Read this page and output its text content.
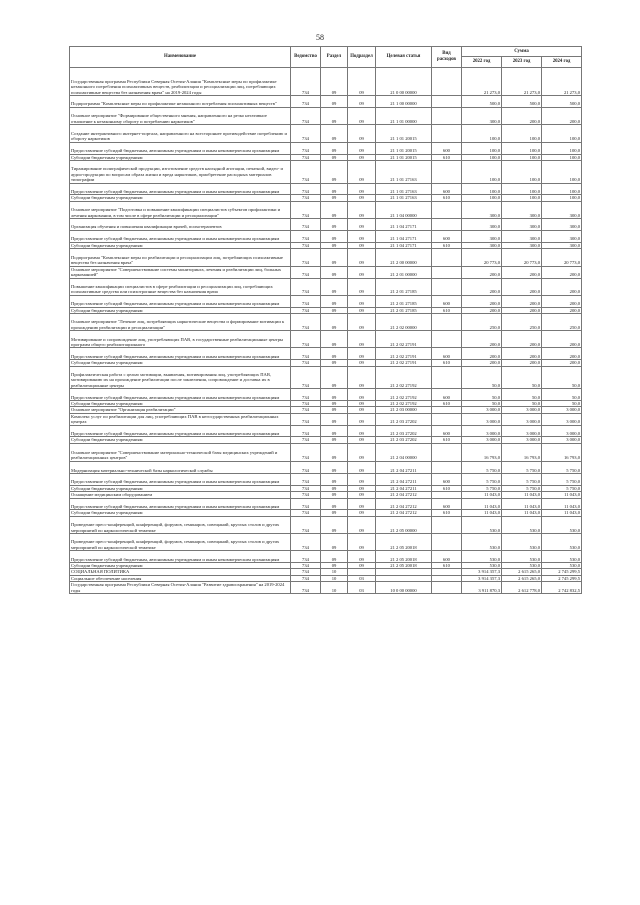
58
Наименование	Ведомство	Раздел	Подраздел	Целевая статья	Вид расходов	Сумма		
						2022 год	2023 год	2024 год
Государственная программа Республики Северная Осетия-Алания "Комплексные меры по профилактике незаконного потребления психоактивных веществ, реабилитации и ресоциализации лиц, потребляющих психоактивные вещества без назначения врача" на 2019-2024 годы	734	09	09	21 0 00 00000		21 273,0	21 273,0	21 273,0
Подпрограмма "Комплексные меры по профилактике незаконного потребления психоактивных веществ"	734	09	09	21 1 00 00000		500,0	500,0	500,0
Основное мероприятие "Формирование общественного мнения, направленного на резко негативное отношение к незаконному обороту и потреблению наркотиков"	734	09	09	21 1 01 00000		300,0	200,0	200,0
Создание интерактивного интернет-портала, направленного на всестороннее противодействие потреблению и обороту наркотиков	734	09	09	21 1 01 20015		100,0	100,0	100,0
Предоставление субсидий бюджетным, автономным учреждениям и иным некоммерческим организациям	734	09	09	21 1 01 20015	600	100,0	100,0	100,0
Субсидии бюджетным учреждениям	734	09	09	21 1 01 20015	610	100,0	100,0	100,0
Тиражирование полиграфической продукции, изготовление средств наглядной агитации, печатной, видео- и аудио-продукции по вопросам образа жизни и вреда наркотиков, приобретение расходных материалов типографии	734	09	09	21 1 01 27163		100,0	100,0	100,0
Предоставление субсидий бюджетным, автономным учреждениям и иным некоммерческим организациям	734	09	09	21 1 01 27163	600	100,0	100,0	100,0
Субсидии бюджетным учреждениям	734	09	09	21 1 01 27163	610	100,0	100,0	100,0
Основное мероприятие "Подготовка и повышение квалификации специалистов субъектов профилактики и лечения наркомании, в том числе в сфере реабилитации и ресоциализации"	734	09	09	21 1 04 00000		300,0	300,0	300,0
Организация обучения и повышения квалификации врачей, психотерапевтов	734	09	09	21 1 04 27171		300,0	300,0	300,0
Предоставление субсидий бюджетным, автономным учреждениям и иным некоммерческим организациям	734	09	09	21 1 04 27171	600	300,0	300,0	300,0
Субсидии бюджетным учреждениям	734	09	09	21 1 04 27171	610	300,0	300,0	300,0
Подпрограмма "Комплексные меры по реабилитации и ресоциализации лиц, потребляющих психоактивные вещества без назначения врача"	734	09	09	21 2 00 00000		20 773,0	20 773,0	20 773,0
Основное мероприятие "Совершенствование системы мониторинга, лечения и реабилитации лиц, больных наркоманией"	734	09	09	21 2 01 00000		200,0	200,0	200,0
Повышение квалификации специалистов в сфере реабилитации и ресоциализации лиц, потребляющих психоактивные средства или психотропные вещества без назначения врача	734	09	09	21 2 01 27185		200,0	200,0	200,0
Предоставление субсидий бюджетным, автономным учреждениям и иным некоммерческим организациям	734	09	09	21 2 01 27185	600	200,0	200,0	200,0
Субсидии бюджетным учреждениям	734	09	09	21 2 01 27185	610	200,0	200,0	200,0
Основное мероприятие "Лечение лиц, потребляющих наркотические вещества и формирование мотивации к прохождению реабилитации и ресоциализации"	734	09	09	21 2 02 00000		250,0	250,0	250,0
Мотивирование и сопровождение лиц, употребляющих ПАВ, в государственные реабилитационные центры программ общего реабилитационного	734	09	09	21 2 02 27191		200,0	200,0	200,0
Предоставление субсидий бюджетным, автономным учреждениям и иным некоммерческим организациям	734	09	09	21 2 02 27191	600	200,0	200,0	200,0
Субсидии бюджетным учреждениям	734	09	09	21 2 02 27191	610	200,0	200,0	200,0
Профилактическая работа с целью мотивации, выявления, мотивирования лиц, употребляющих ПАВ, мотивированию их на прохождение реабилитации после заключения, сопровождение и доставка их в реабилитационные центры	734	09	09	21 2 02 27192		50,0	50,0	50,0
Предоставление субсидий бюджетным, автономным учреждениям и иным некоммерческим организациям	734	09	09	21 2 02 27192	600	50,0	50,0	50,0
Субсидии бюджетным учреждениям	734	09	09	21 2 02 27192	610	50,0	50,0	50,0
Основное мероприятие "Организация реабилитации"	734	09	09	21 2 03 00000		3 000,0	3 000,0	3 000,0
Комплекс услуг по реабилитации для лиц, употребляющих ПАВ в негосударственных реабилитационных центрах	734	09	09	21 2 03 27202		3 000,0	3 000,0	3 000,0
Предоставление субсидий бюджетным, автономным учреждениям и иным некоммерческим организациям	734	09	09	21 2 03 27202	600	3 000,0	3 000,0	3 000,0
Субсидии бюджетным учреждениям	734	09	09	21 2 03 27202	610	3 000,0	3 000,0	3 000,0
Основное мероприятие "Совершенствование материально-технической базы медицинских учреждений и реабилитационных центров"	734	09	09	21 2 04 00000		16 793,0	16 793,0	16 793,0
Модернизация материально-технической базы наркологической службы	734	09	09	21 2 04 27211		5 750,0	5 750,0	5 750,0
Предоставление субсидий бюджетным, автономным учреждениям и иным некоммерческим организациям	734	09	09	21 2 04 27211	600	5 750,0	5 750,0	5 750,0
Субсидии бюджетным учреждениям	734	09	09	21 2 04 27211	610	5 750,0	5 750,0	5 750,0
Оснащение медицинским оборудованием	734	09	09	21 2 04 27212		11 043,0	11 043,0	11 043,0
Предоставление субсидий бюджетным, автономным учреждениям и иным некоммерческим организациям	734	09	09	21 2 04 27212	600	11 043,0	11 043,0	11 043,0
Субсидии бюджетным учреждениям	734	09	09	21 2 04 27212	610	11 043,0	11 043,0	11 043,0
Проведение пресс-конференций, конференций, форумов, семинаров, совещаний, круглых столов и других мероприятий по наркологической тематике	734	09	09	21 2 05 00000		530,0	530,0	530,0
Проведение пресс-конференций, конференций, форумов, семинаров, совещаний, круглых столов и других мероприятий по наркологической тематике	734	09	09	21 2 05 20018		530,0	530,0	530,0
Предоставление субсидий бюджетным, автономным учреждениям и иным некоммерческим организациям	734	09	09	21 2 05 20018	600	530,0	530,0	530,0
Субсидии бюджетным учреждениям	734	09	09	21 2 05 20018	610	530,0	530,0	530,0
СОЦИАЛЬНАЯ ПОЛИТИКА	734	10				3 914 357,3	2 615 265,0	2 745 299,5
Социальное обеспечение населения	734	10	03			3 914 357,3	2 615 265,0	2 745 299,5
Государственная программа Республики Северная Осетия-Алания "Развитие здравоохранения" на 2019-2024 годы	734	10	03	10 0 00 00000		3 911 870,3	2 612 778,0	2 742 832,5
